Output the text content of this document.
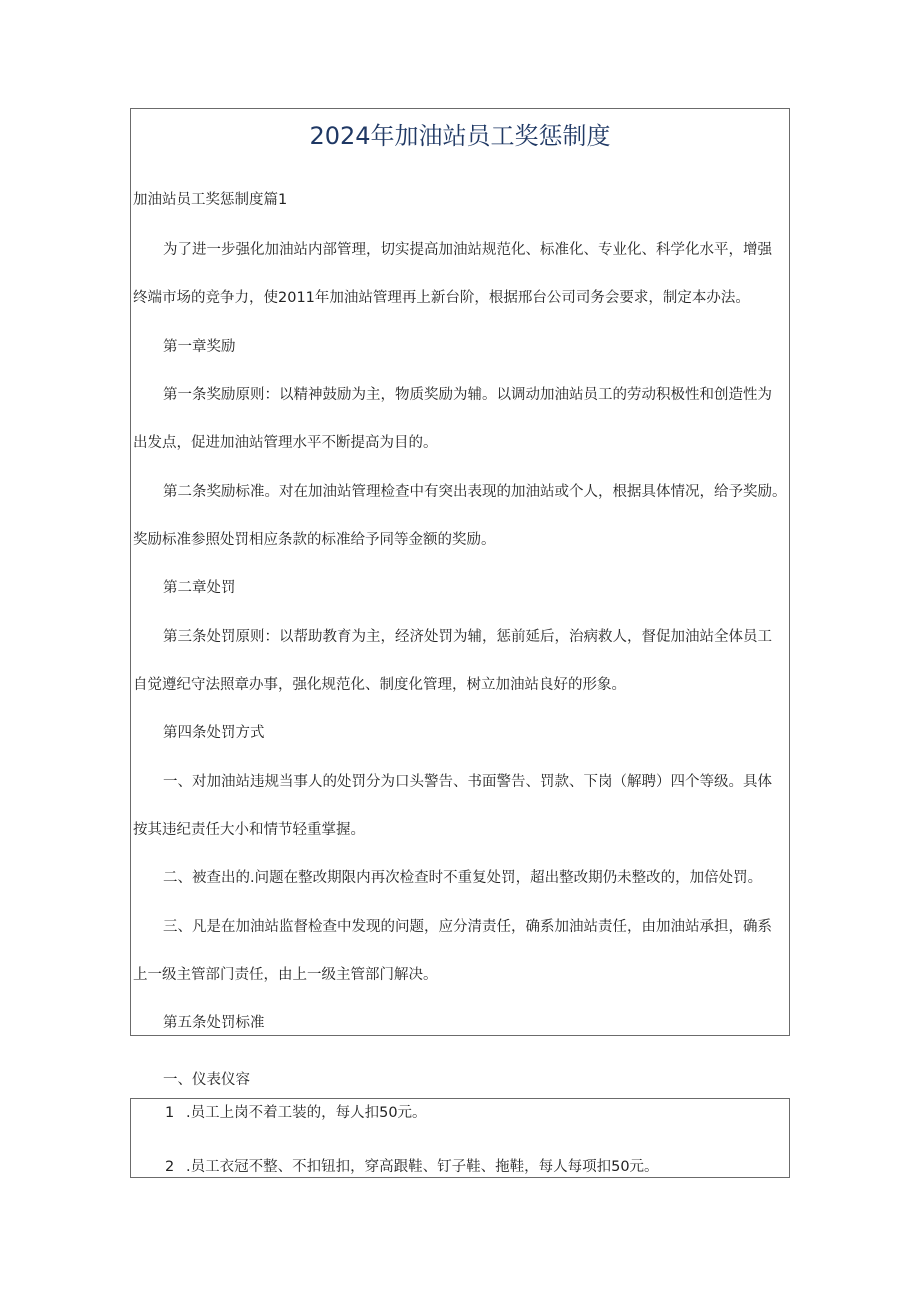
2024年加油站员工奖惩制度
加油站员工奖惩制度篇1
为了进一步强化加油站内部管理，切实提高加油站规范化、标准化、专业化、科学化水平，增强
终端市场的竞争力，使2011年加油站管理再上新台阶，根据邢台公司司务会要求，制定本办法。
第一章奖励
第一条奖励原则：以精神鼓励为主，物质奖励为辅。以调动加油站员工的劳动积极性和创造性为
出发点，促进加油站管理水平不断提高为目的。
第二条奖励标准。对在加油站管理检查中有突出表现的加油站或个人，根据具体情况，给予奖励。
奖励标准参照处罚相应条款的标准给予同等金额的奖励。
第二章处罚
第三条处罚原则：以帮助教育为主，经济处罚为辅，惩前延后，治病救人，督促加油站全体员工
自觉遵纪守法照章办事，强化规范化、制度化管理，树立加油站良好的形象。
第四条处罚方式
一、对加油站违规当事人的处罚分为口头警告、书面警告、罚款、下岗（解聘）四个等级。具体
按其违纪责任大小和情节轻重掌握。
二、被查出的.问题在整改期限内再次检查时不重复处罚，超出整改期仍未整改的，加倍处罚。
三、凡是在加油站监督检查中发现的问题，应分清责任，确系加油站责任，由加油站承担，确系
上一级主管部门责任，由上一级主管部门解决。
第五条处罚标准
一、仪表仪容
1 .员工上岗不着工装的，每人扣50元。
2 .员工衣冠不整、不扣钮扣，穿高跟鞋、钉子鞋、拖鞋，每人每项扣50元。
